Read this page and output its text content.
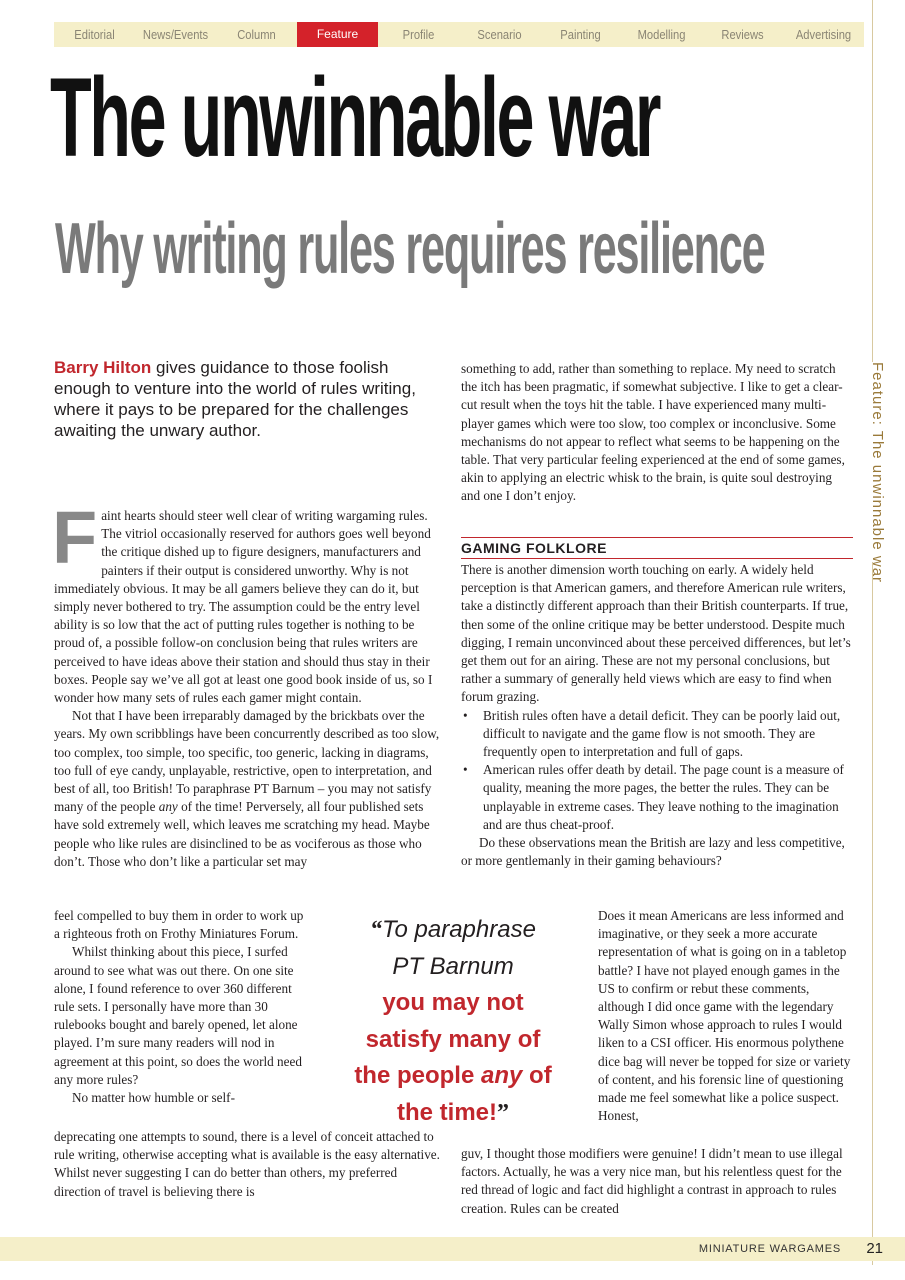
Editorial	News/Events	Column	Feature	Profile	Scenario	Painting	Modelling	Reviews	Advertising
Feature: The unwinnable war
The unwinnable war
Why writing rules requires resilience
Barry Hilton gives guidance to those foolish enough to venture into the world of rules writing, where it pays to be prepared for the challenges awaiting the unwary author.

Faint hearts should steer well clear of writing wargaming rules. The vitriol occasionally reserved for authors goes well beyond the critique dished up to figure designers, manufacturers and painters if their output is considered unworthy. Why is not immediately obvious. It may be all gamers believe they can do it, but simply never bothered to try. The assumption could be the entry level ability is so low that the act of putting rules together is nothing to be proud of, a possible follow-on conclusion being that rules writers are perceived to have ideas above their station and should thus stay in their boxes. People say we’ve all got at least one good book inside of us, so I wonder how many sets of rules each gamer might contain.

Not that I have been irreparably damaged by the brickbats over the years. My own scribblings have been concurrently described as too slow, too complex, too simple, too specific, too generic, lacking in diagrams, too full of eye candy, unplayable, restrictive, open to interpretation, and best of all, too British! To paraphrase PT Barnum – you may not satisfy many of the people any of the time! Perversely, all four published sets have sold extremely well, which leaves me scratching my head. Maybe people who like rules are disinclined to be as vociferous as those who don’t. Those who don’t like a particular set may

feel compelled to buy them in order to work up a righteous froth on Frothy Miniatures Forum.

Whilst thinking about this piece, I surfed around to see what was out there. On one site alone, I found reference to over 360 different rule sets. I personally have more than 30 rulebooks bought and barely opened, let alone played. I’m sure many readers will nod in agreement at this point, so does the world need any more rules?

No matter how humble or self-

deprecating one attempts to sound, there is a level of conceit attached to rule writing, otherwise accepting what is available is the easy alternative. Whilst never suggesting I can do better than others, my preferred direction of travel is believing there is

something to add, rather than something to replace. My need to scratch the itch has been pragmatic, if somewhat subjective. I like to get a clear-cut result when the toys hit the table. I have experienced many multi-player games which were too slow, too complex or inconclusive. Some mechanisms do not appear to reflect what seems to be happening on the table. That very particular feeling experienced at the end of some games, akin to applying an electric whisk to the brain, is quite soul destroying and one I don’t enjoy.

GAMING FOLKLORE

There is another dimension worth touching on early. A widely held perception is that American gamers, and therefore American rule writers, take a distinctly different approach than their British counterparts. If true, then some of the online critique may be better understood. Despite much digging, I remain unconvinced about these perceived differences, but let’s get them out for an airing. These are not my personal conclusions, but rather a summary of generally held views which are easy to find when forum grazing.

• British rules often have a detail deficit. They can be poorly laid out, difficult to navigate and the game flow is not smooth. They are frequently open to interpretation and full of gaps.
• American rules offer death by detail. The page count is a measure of quality, meaning the more pages, the better the rules. They can be unplayable in extreme cases. They leave nothing to the imagination and are thus cheat-proof.

Do these observations mean the British are lazy and less competitive, or more gentlemanly in their gaming behaviours?

Does it mean Americans are less informed and imaginative, or they seek a more accurate representation of what is going on in a tabletop battle? I have not played enough games in the US to confirm or rebut these comments, although I did once game with the legendary Wally Simon whose approach to rules I would liken to a CSI officer. His enormous polythene dice bag will never be topped for size or variety of content, and his forensic line of questioning made me feel somewhat like a police suspect. Honest,

guv, I thought those modifiers were genuine! I didn’t mean to use illegal factors. Actually, he was a very nice man, but his relentless quest for the red thread of logic and fact did highlight a contrast in approach to rules creation. Rules can be created

“To paraphrase
PT Barnum
you may not
satisfy many of
the people any of
the time!”
MINIATURE WARGAMES 21
